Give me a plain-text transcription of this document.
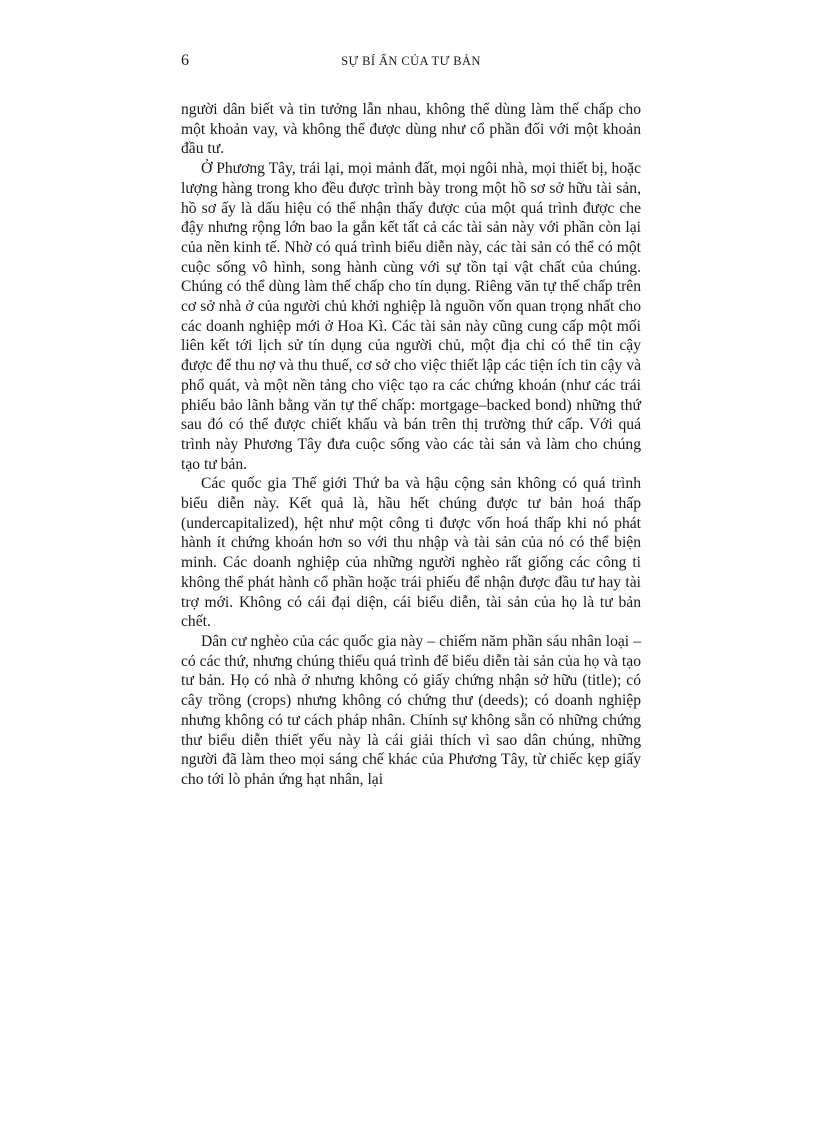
6	SỰ BÍ ẨN CỦA TƯ BẢN

người dân biết và tin tưởng lẫn nhau, không thể dùng làm thế chấp cho một khoản vay, và không thể được dùng như cổ phần đối với một khoản đầu tư.

Ở Phương Tây, trái lại, mọi mảnh đất, mọi ngôi nhà, mọi thiết bị, hoặc lượng hàng trong kho đều được trình bày trong một hồ sơ sở hữu tài sản, hồ sơ ấy là dấu hiệu có thể nhận thấy được của một quá trình được che đậy nhưng rộng lớn bao la gắn kết tất cả các tài sản này với phần còn lại của nền kinh tế. Nhờ có quá trình biểu diễn này, các tài sản có thể có một cuộc sống vô hình, song hành cùng với sự tồn tại vật chất của chúng. Chúng có thể dùng làm thế chấp cho tín dụng. Riêng văn tự thế chấp trên cơ sở nhà ở của người chủ khởi nghiệp là nguồn vốn quan trọng nhất cho các doanh nghiệp mới ở Hoa Kì. Các tài sản này cũng cung cấp một mối liên kết tới lịch sử tín dụng của người chủ, một địa chỉ có thể tin cậy được để thu nợ và thu thuế, cơ sở cho việc thiết lập các tiện ích tin cậy và phổ quát, và một nền tảng cho việc tạo ra các chứng khoán (như các trái phiếu bảo lãnh bằng văn tự thế chấp: mortgage–backed bond) những thứ sau đó có thể được chiết khấu và bán trên thị trường thứ cấp. Với quá trình này Phương Tây đưa cuộc sống vào các tài sản và làm cho chúng tạo tư bản.

Các quốc gia Thế giới Thứ ba và hậu cộng sản không có quá trình biểu diễn này. Kết quả là, hầu hết chúng được tư bản hoá thấp (undercapitalized), hệt như một công ti được vốn hoá thấp khi nó phát hành ít chứng khoán hơn so với thu nhập và tài sản của nó có thể biện minh. Các doanh nghiệp của những người nghèo rất giống các công ti không thể phát hành cổ phần hoặc trái phiếu để nhận được đầu tư hay tài trợ mới. Không có cái đại diện, cái biểu diễn, tài sản của họ là tư bản chết.

Dân cư nghèo của các quốc gia này – chiếm năm phần sáu nhân loại – có các thứ, nhưng chúng thiếu quá trình để biểu diễn tài sản của họ và tạo tư bản. Họ có nhà ở nhưng không có giấy chứng nhận sở hữu (title); có cây trồng (crops) nhưng không có chứng thư (deeds); có doanh nghiệp nhưng không có tư cách pháp nhân. Chính sự không sẵn có những chứng thư biểu diễn thiết yếu này là cái giải thích vì sao dân chúng, những người đã làm theo mọi sáng chế khác của Phương Tây, từ chiếc kẹp giấy cho tới lò phản ứng hạt nhân, lại
